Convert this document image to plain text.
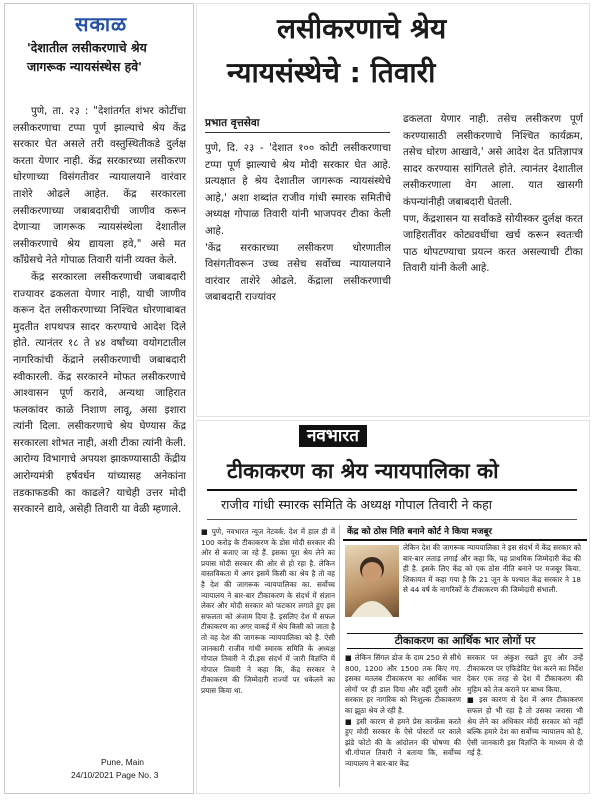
सकाळ
'देशातील लसीकरणाचे श्रेय जागरूक न्यायसंस्थेस हवे'

पुणे, ता. २३ : "देशांतर्गत शंभर कोटींचा लसीकरणाचा टप्पा पूर्ण झाल्याचे श्रेय केंद्र सरकार घेत असले तरी वस्तुस्थितीकडे दुर्लक्ष करता येणार नाही. केंद्र सरकारच्या लसीकरण धोरणाच्या विसंगतीवर न्यायालयाने वारंवार ताशेरे ओढले आहेत. केंद्र सरकारला लसीकरणाच्या जबाबदारीची जाणीव करून देणाऱ्या जागरूक न्यायसंस्थेला देशातील लसीकरणाचे श्रेय द्यायला हवे," असे मत काँग्रेसचे नेते गोपाळ तिवारी यांनी व्यक्त केले.

केंद्र सरकारला लसीकरणाची जबाबदारी राज्यावर ढकलता येणार नाही, याची जाणीव करून देत लसीकरणाच्या निश्चित धोरणाबाबत मुदतीत शपथपत्र सादर करण्याचे आदेश दिले होते. त्यानंतर १८ ते ४४ वर्षांच्या वयोगटातील नागरिकांची केंद्राने लसीकरणाची जबाबदारी स्वीकारली. केंद्र सरकारने मोफत लसीकरणाचे आश्वासन पूर्ण करावे, अन्यथा जाहिरात फलकांवर काळे निशाण लावू, असा इशारा त्यांनी दिला. लसीकरणाचे श्रेय घेण्यास केंद्र सरकारला शोभत नाही, अशी टीका त्यांनी केली. आरोग्य विभागाचे अपयश झाकण्यासाठी केंद्रीय आरोग्यमंत्री हर्षवर्धन यांच्यासह अनेकांना तडकाफडकी का काढले? याचेही उत्तर मोदी सरकारने द्यावे, असेही तिवारी या वेळी म्हणाले.

Pune, Main
24/10/2021 Page No. 3
लसीकरणाचे श्रेय
न्यायसंस्थेचे : तिवारी
प्रभात वृत्तसेवा
पुणे, दि. २३ - 'देशात १०० कोटी लसीकरणाचा टप्पा पूर्ण झाल्याचे श्रेय मोदी सरकार घेत आहे. प्रत्यक्षात हे श्रेय देशातील जागरूक न्यायसंस्थेचे आहे,' अशा शब्दांत राजीव गांधी स्मारक समितीचे अध्यक्ष गोपाळ तिवारी यांनी भाजपवर टीका केली आहे.
'केंद्र सरकारच्या लसीकरण धोरणातील विसंगतीवरून उच्च तसेच सर्वोच्च न्यायालयाने वारंवार ताशेरे ओढले. केंद्राला लसीकरणाची जबाबदारी राज्यांवर
ढकलता येणार नाही. तसेच लसीकरण पूर्ण करण्यासाठी लसीकरणाचे निश्चित कार्यक्रम, तसेच धोरण आखावे,' असे आदेश देत प्रतिज्ञापत्र सादर करण्यास सांगितले होते. त्यानंतर देशातील लसीकरणाला वेग आला. यात खासगी कंपन्यांनीही जबाबदारी घेतली.
पण, केंद्रशासन या सर्वांकडे सोयीस्कर दुर्लक्ष करत जाहिरातींवर कोट्यवधींचा खर्च करून स्वतःची पाठ थोपटण्याचा प्रयत्न करत असल्याची टीका तिवारी यांनी केली आहे.
नवभारत
टीकाकरण का श्रेय न्यायपालिका को
राजीव गांधी स्मारक समिति के अध्यक्ष गोपाल तिवारी ने कहा
■ पुणे, नवभारत न्यूज नेटवर्क. देश में हाल ही में 100 करोड़ के टीकाकरण के डोस मोदी सरकार की ओर से बजाए जा रहे हैं. इसका पूरा श्रेय लेने का प्रयास मोदी सरकार की ओर से हो रहा है. लेकिन वास्तविकता में अगर इसमें किसी का श्रेय है तो वह है देश की जागरूक न्यायपालिका का. सर्वोच्च न्यायालय ने बार-बार टीकाकरण के संदर्भ में संज्ञान लेकर और मोदी सरकार को फटकार लगाते हुए इस सफलता को अंजाम दिया है. इसलिए देश में सफल टीकाकरण का अगर वाकई में श्रेय किसी को जाता है तो वह देश की जागरूक न्यायपालिका को है. ऐसी जानकारी राजीव गांधी स्मारक समिति के अध्यक्ष गोपाल तिवारी ने दी.इस संदर्भ में जारी विज्ञप्ति में गोपाल तिवारी ने कहा कि, केंद्र सरकार ने टीकाकरण की जिम्मेदारी राज्यों पर धकेलने का प्रयास किया था.
केंद्र को ठोस निति बनाने कोर्ट ने किया मजबूर
लेकिन देश की जागरूक न्यायपालिका ने इस संदर्भ में केंद्र सरकार को बार-बार लताड़ लगाई और कहा कि, यह प्राथमिक जिम्मेदारी केंद्र की ही है. इसके लिए केंद्र को एक ठोस नीति बनाने पर मजबूर किया. शिकायत में कहा गया है कि 21 जून के पश्चात केंद्र सरकार ने 18 से 44 वर्ष के नागरिकों के टीकाकरण की जिम्मेदारी संभाली.
टीकाकरण का आर्थिक भार लोगों पर
■ लेकिन सिंगल डोज के दाम 250 से सीधे 800, 1200 और 1500 तक किए गए. इसका मतलब टीकाकरण का आर्थिक भार लोगों पर ही डाल दिया और वहीं दूसरी ओर सरकार हर नागरिक को निःशुल्क टीकाकरण का झूठा श्रेय ले रही है.
■ इसी कारण से हमने प्रेस कान्फ्रेंस करते हुए मोदी सरकार के ऐसे पोस्टरों पर काले झंडे फोटो की के आंदोलन की घोषणा की थी.गोपाल तिवारी ने बताया कि, सर्वोच्च न्यायालय ने बार-बार केंद्र
सरकार पर अंकुश रखते हुए और उन्हें टीकाकरण पर एफिडेविट पेश करने का निर्देश देकर एक तरह से देश में टीकाकरण की मुहिम को तेज कराने पर बाध्य किया.
■ इस कारण से देश में अगर टीकाकरण सफल हो भी रहा है तो उसका जरासा भी श्रेय लेने का अधिकार मोदी सरकार को नहीं बल्कि हमारे देश का सर्वोच्च न्यायालय को है, ऐसी जानकारी इस विज्ञप्ति के माध्यम से दी गई है.
